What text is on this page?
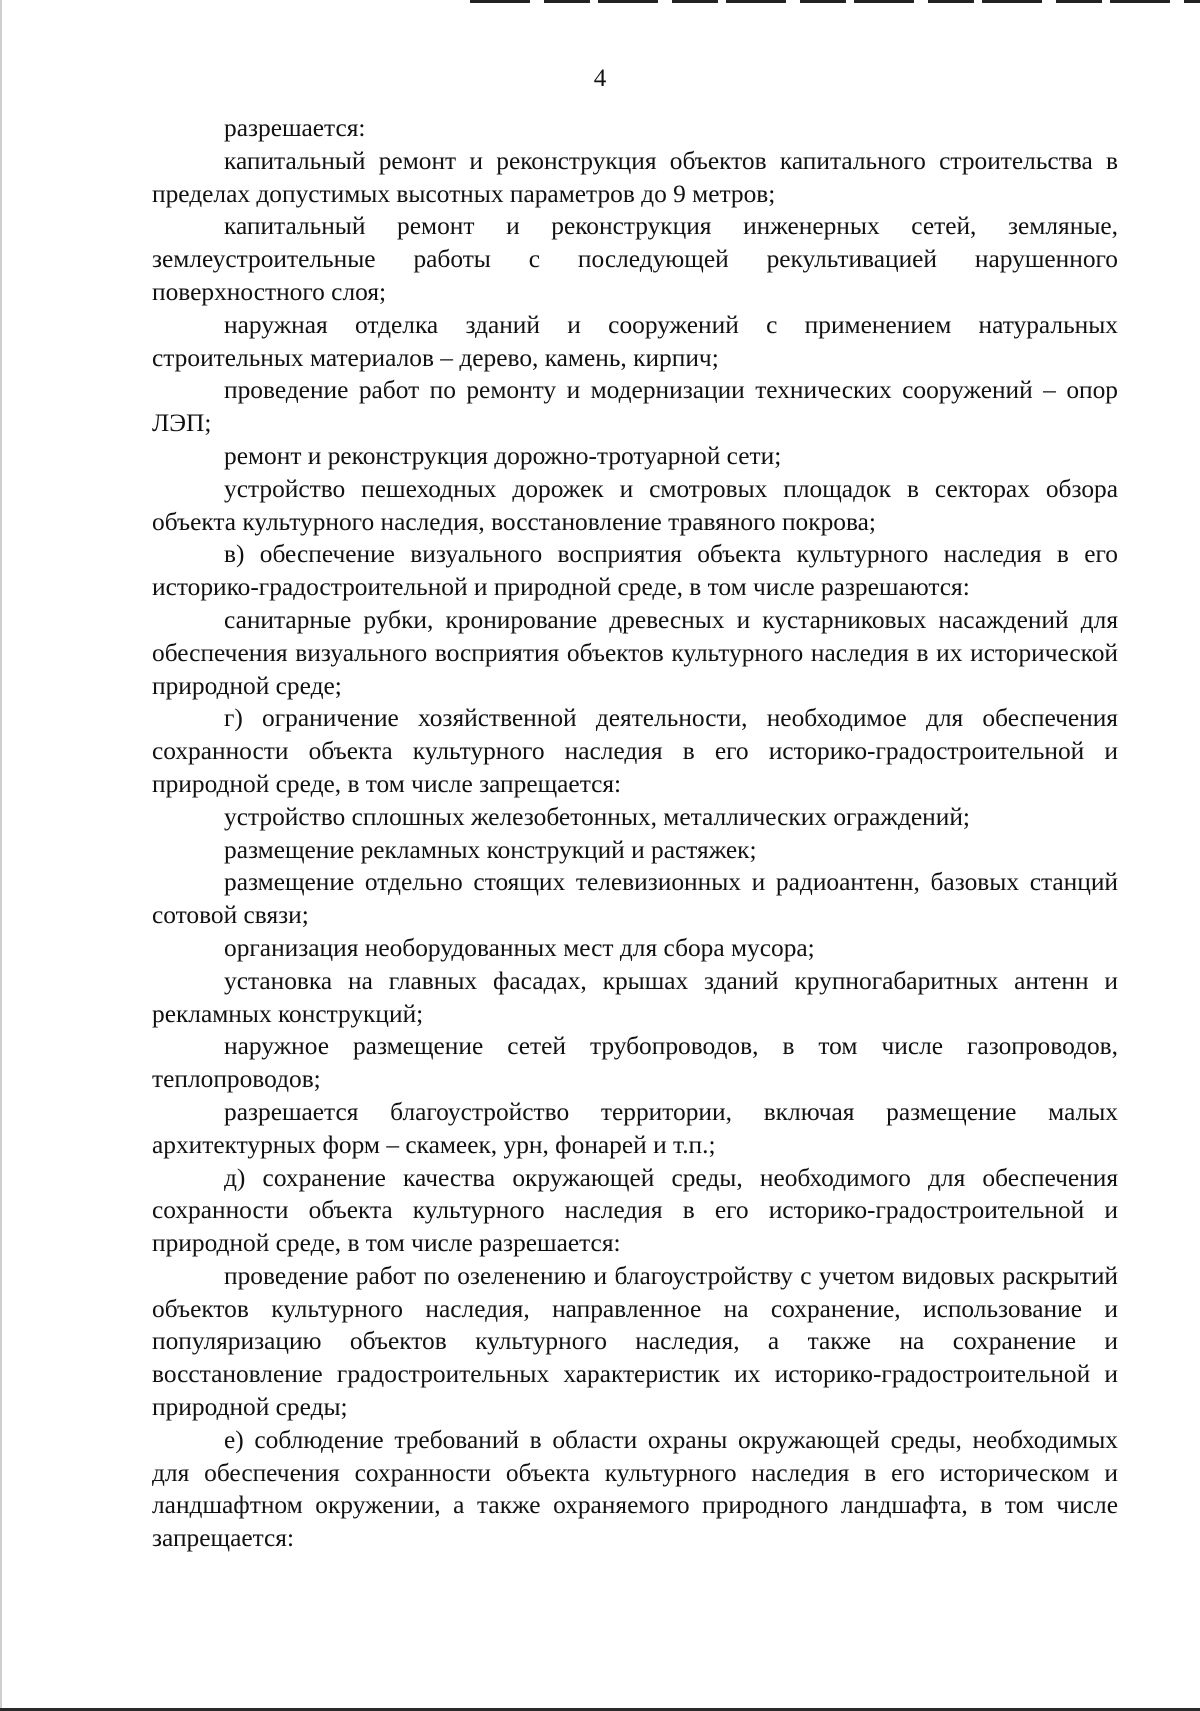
4

разрешается:

капитальный ремонт и реконструкция объектов капитального строительства в пределах допустимых высотных параметров до 9 метров;

капитальный ремонт и реконструкция инженерных сетей, земляные, землеустроительные работы с последующей рекультивацией нарушенного поверхностного слоя;

наружная отделка зданий и сооружений с применением натуральных строительных материалов – дерево, камень, кирпич;

проведение работ по ремонту и модернизации технических сооружений – опор ЛЭП;

ремонт и реконструкция дорожно-тротуарной сети;

устройство пешеходных дорожек и смотровых площадок в секторах обзора объекта культурного наследия, восстановление травяного покрова;

в) обеспечение визуального восприятия объекта культурного наследия в его историко-градостроительной и природной среде, в том числе разрешаются:

санитарные рубки, кронирование древесных и кустарниковых насаждений для обеспечения визуального восприятия объектов культурного наследия в их исторической природной среде;

г) ограничение хозяйственной деятельности, необходимое для обеспечения сохранности объекта культурного наследия в его историко-градостроительной и природной среде, в том числе запрещается:

устройство сплошных железобетонных, металлических ограждений;

размещение рекламных конструкций и растяжек;

размещение отдельно стоящих телевизионных и радиоантенн, базовых станций сотовой связи;

организация необорудованных мест для сбора мусора;

установка на главных фасадах, крышах зданий крупногабаритных антенн и рекламных конструкций;

наружное размещение сетей трубопроводов, в том числе газопроводов, теплопроводов;

разрешается благоустройство территории, включая размещение малых архитектурных форм – скамеек, урн, фонарей и т.п.;

д) сохранение качества окружающей среды, необходимого для обеспечения сохранности объекта культурного наследия в его историко-градостроительной и природной среде, в том числе разрешается:

проведение работ по озеленению и благоустройству с учетом видовых раскрытий объектов культурного наследия, направленное на сохранение, использование и популяризацию объектов культурного наследия, а также на сохранение и восстановление градостроительных характеристик их историко-градостроительной и природной среды;

е) соблюдение требований в области охраны окружающей среды, необходимых для обеспечения сохранности объекта культурного наследия в его историческом и ландшафтном окружении, а также охраняемого природного ландшафта, в том числе запрещается:
